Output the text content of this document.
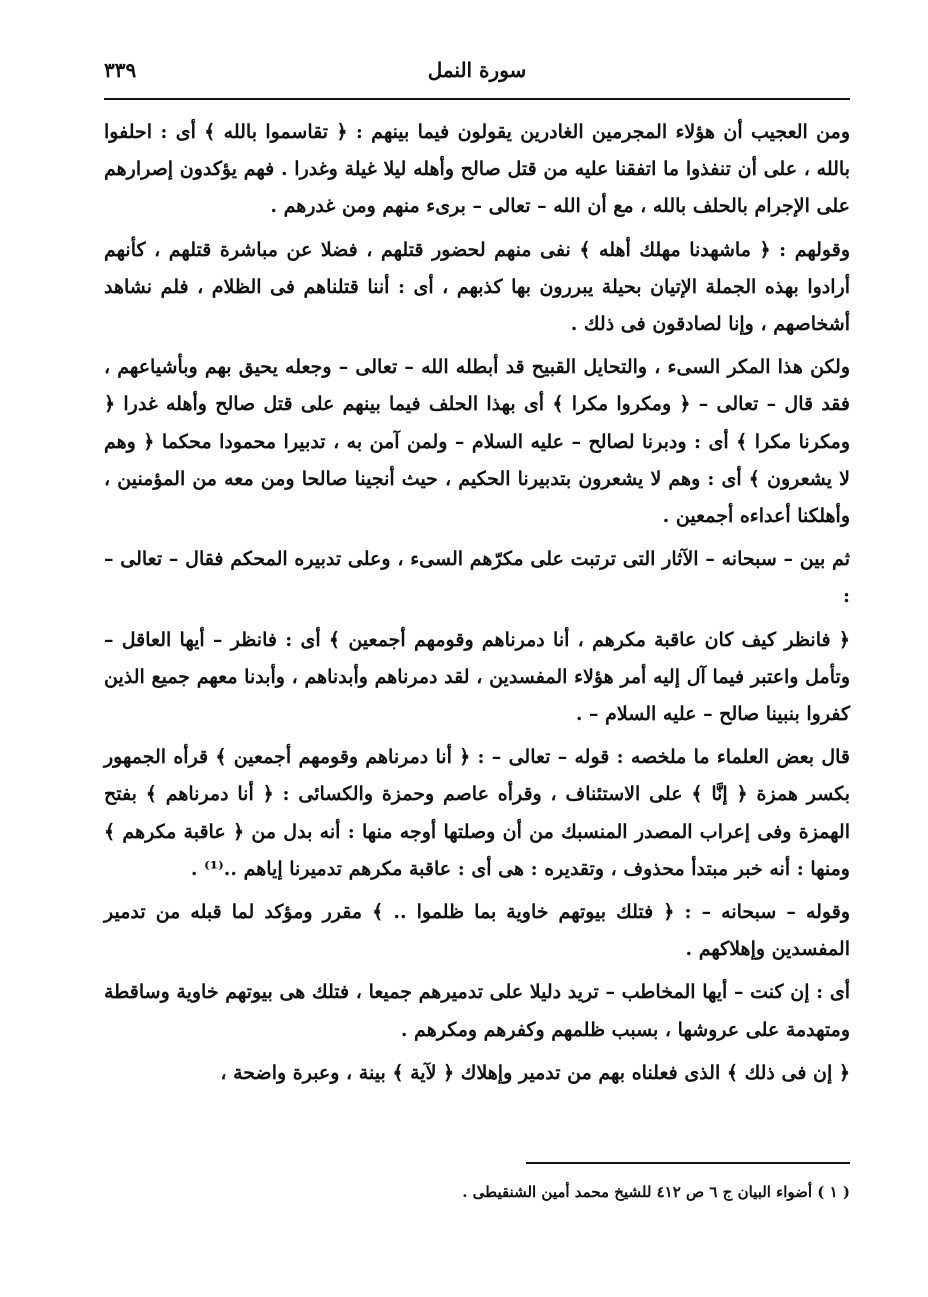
سورة النمل
٣٣٩

ومن العجيب أن هؤلاء المجرمين الغادرين يقولون فيما بينهم : ﴿ تقاسموا بالله ﴾ أى : احلفوا بالله ، على أن تنفذوا ما اتفقنا عليه من قتل صالح وأهله ليلا غيلة وغدرا . فهم يؤكدون إصرارهم على الإجرام بالحلف بالله ، مع أن الله – تعالى – برىء منهم ومن غدرهم .

وقولهم : ﴿ ماشهدنا مهلك أهله ﴾ نفى منهم لحضور قتلهم ، فضلا عن مباشرة قتلهم ، كأنهم أرادوا بهذه الجملة الإتيان بحيلة يبررون بها كذبهم ، أى : أننا قتلناهم فى الظلام ، فلم نشاهد أشخاصهم ، وإنا لصادقون فى ذلك .

ولكن هذا المكر السىء ، والتحايل القبيح قد أبطله الله – تعالى – وجعله يحيق بهم وبأشياعهم ، فقد قال – تعالى – ﴿ ومكروا مكرا ﴾ أى بهذا الحلف فيما بينهم على قتل صالح وأهله غدرا ﴿ ومكرنا مكرا ﴾ أى : ودبرنا لصالح – عليه السلام – ولمن آمن به ، تدبيرا محمودا محكما ﴿ وهم لا يشعرون ﴾ أى : وهم لا يشعرون بتدبيرنا الحكيم ، حيث أنجينا صالحا ومن معه من المؤمنين ، وأهلكنا أعداءه أجمعين .

ثم بين – سبحانه – الآثار التى ترتبت على مكرّهم السىء ، وعلى تدبيره المحكم فقال – تعالى – :

﴿ فانظر كيف كان عاقبة مكرهم ، أنا دمرناهم وقومهم أجمعين ﴾ أى : فانظر – أيها العاقل – وتأمل واعتبر فيما آل إليه أمر هؤلاء المفسدين ، لقد دمرناهم وأبدناهم ، وأبدنا معهم جميع الذين كفروا بنبينا صالح – عليه السلام – .

قال بعض العلماء ما ملخصه : قوله – تعالى – : ﴿ أنا دمرناهم وقومهم أجمعين ﴾ قرأه الجمهور بكسر همزة ﴿ إنَّا ﴾ على الاستئناف ، وقرأه عاصم وحمزة والكسائى : ﴿ أنا دمرناهم ﴾ بفتح الهمزة وفى إعراب المصدر المنسبك من أن وصلتها أوجه منها : أنه بدل من ﴿ عاقبة مكرهم ﴾ ومنها : أنه خبر مبتدأ محذوف ، وتقديره : هى أى : عاقبة مكرهم تدميرنا إياهم ..⁽¹⁾ .

وقوله – سبحانه – : ﴿ فتلك بيوتهم خاوية بما ظلموا .. ﴾ مقرر ومؤكد لما قبله من تدمير المفسدين وإهلاكهم .

أى : إن كنت – أيها المخاطب – تريد دليلا على تدميرهم جميعا ، فتلك هى بيوتهم خاوية وساقطة ومتهدمة على عروشها ، بسبب ظلمهم وكفرهم ومكرهم .

﴿ إن فى ذلك ﴾ الذى فعلناه بهم من تدمير وإهلاك ﴿ لآية ﴾ بينة ، وعبرة واضحة ،

( ١ ) أضواء البيان ج ٦ ص ٤١٢ للشيخ محمد أمين الشنقيطى .
